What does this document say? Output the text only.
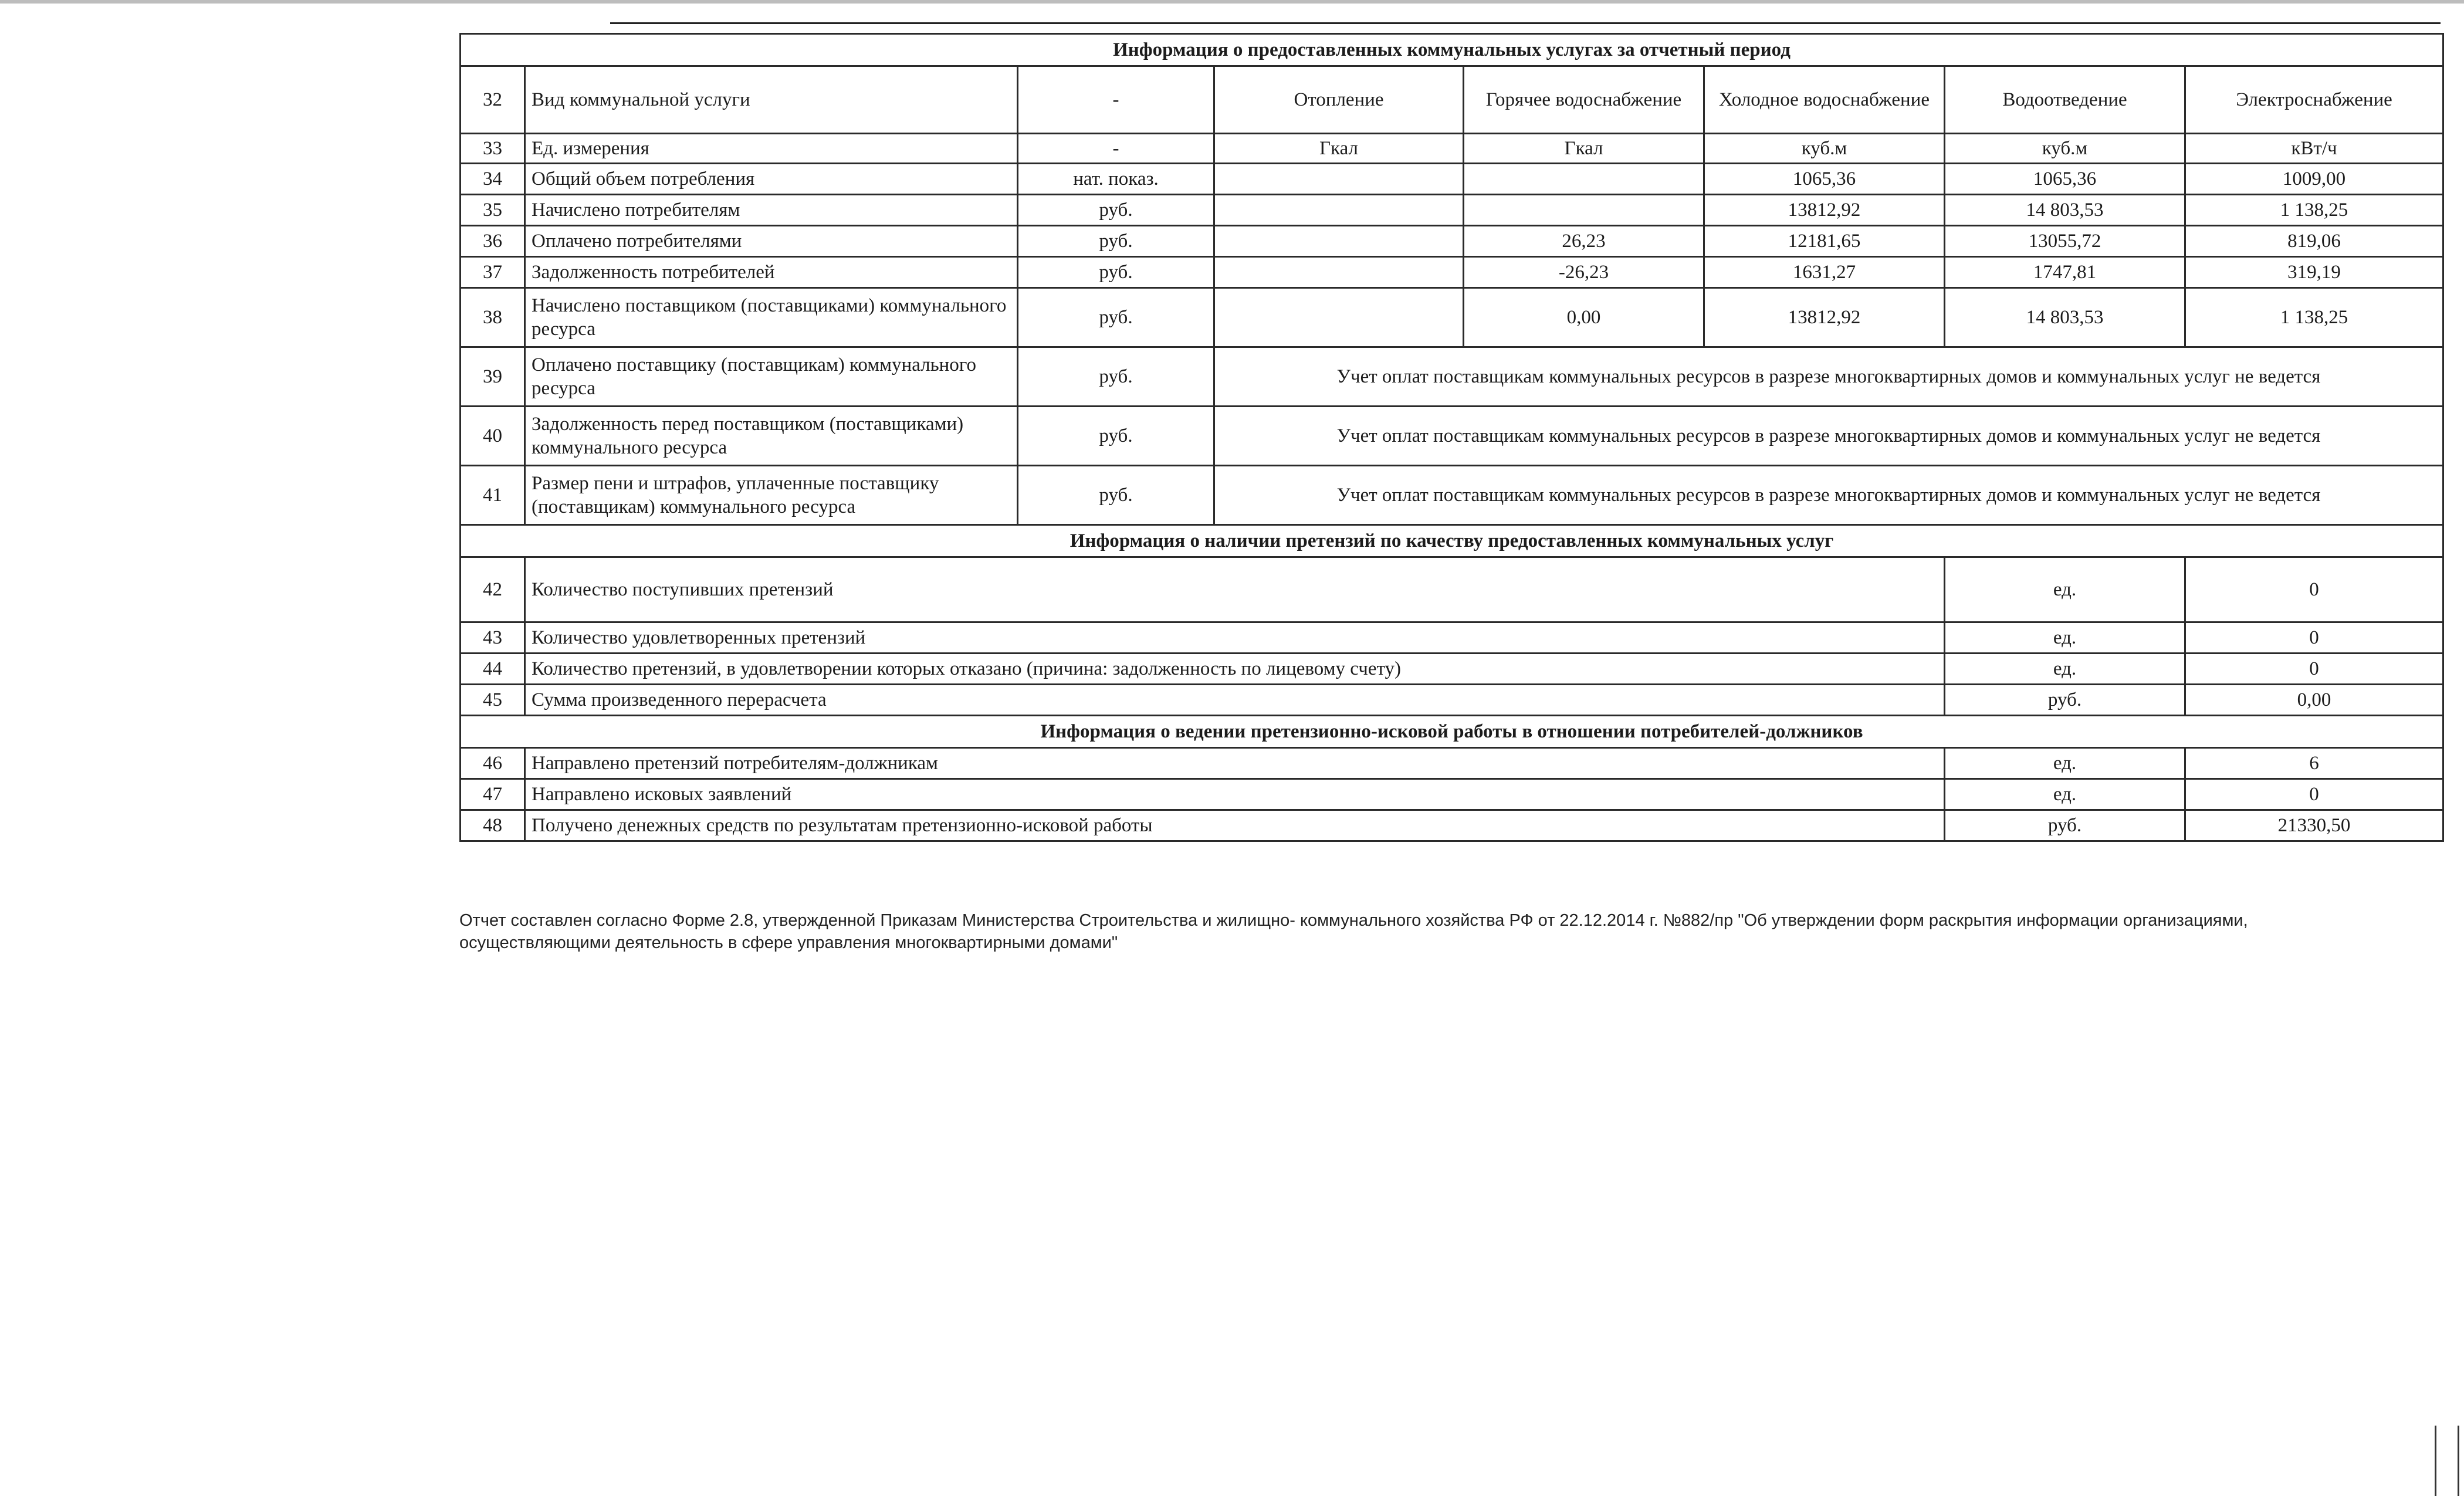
Информация о предоставленных коммунальных услугах за отчетный период							
32	Вид коммунальной услуги	-	Отопление	Горячее водоснабжение	Холодное водоснабжение	Водоотведение	Электроснабжение
33	Ед. измерения	-	Гкал	Гкал	куб.м	куб.м	кВт/ч
34	Общий объем потребления	нат. показ.			1065,36	1065,36	1009,00
35	Начислено потребителям	руб.			13812,92	14 803,53	1 138,25
36	Оплачено потребителями	руб.		26,23	12181,65	13055,72	819,06
37	Задолженность потребителей	руб.		-26,23	1631,27	1747,81	319,19
38	Начислено поставщиком (поставщиками) коммунального ресурса	руб.		0,00	13812,92	14 803,53	1 138,25
39	Оплачено поставщику (поставщикам) коммунального ресурса	руб.	Учет оплат поставщикам коммунальных ресурсов в разрезе многоквартирных домов и коммунальных услуг не ведется				
40	Задолженность перед поставщиком (поставщиками) коммунального ресурса	руб.	Учет оплат поставщикам коммунальных ресурсов в разрезе многоквартирных домов и коммунальных услуг не ведется				
41	Размер пени и штрафов, уплаченные поставщику (поставщикам) коммунального ресурса	руб.	Учет оплат поставщикам коммунальных ресурсов в разрезе многоквартирных домов и коммунальных услуг не ведется				
Информация о наличии претензий по качеству предоставленных коммунальных услуг							
42	Количество поступивших претензий					ед.	0
43	Количество удовлетворенных претензий					ед.	0
44	Количество претензий, в удовлетворении которых отказано (причина: задолженность по лицевому счету)					ед.	0
45	Сумма произведенного перерасчета					руб.	0,00
Информация о ведении претензионно-исковой работы в отношении потребителей-должников							
46	Направлено претензий потребителям-должникам					ед.	6
47	Направлено исковых заявлений					ед.	0
48	Получено денежных средств по результатам претензионно-исковой работы					руб.	21330,50

Отчет составлен согласно Форме 2.8, утвержденной Приказам Министерства Строительства и жилищно- коммунального хозяйства РФ от 22.12.2014 г. №882/пр "Об утверждении форм раскрытия информации организациями,

осуществляющими деятельность в сфере управления многоквартирными домами"
